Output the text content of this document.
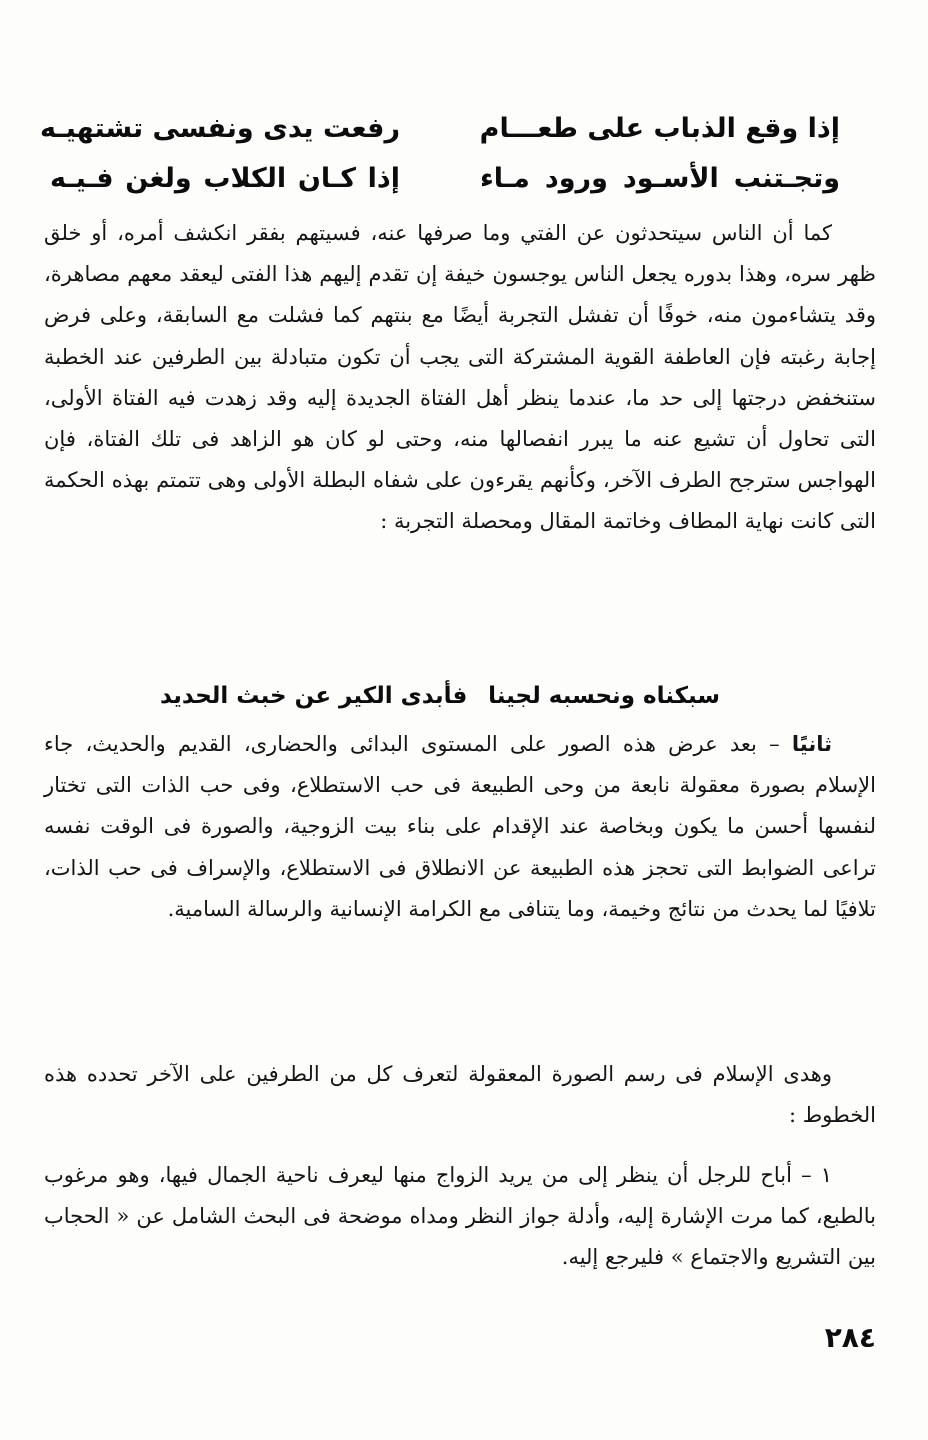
إذا وقع الذباب على طعـــام
رفعت يدى ونفسى تشتهيـه
وتجـتنب الأسـود ورود مـاء
إذا كـان الكلاب ولغن فـيـه

كما أن الناس سيتحدثون عن الفتي وما صرفها عنه، فسيتهم بفقر انكشف أمره، أو خلق ظهر سره، وهذا بدوره يجعل الناس يوجسون خيفة إن تقدم إليهم هذا الفتى ليعقد معهم مصاهرة، وقد يتشاءمون منه، خوفًا أن تفشل التجربة أيضًا مع بنتهم كما فشلت مع السابقة، وعلى فرض إجابة رغبته فإن العاطفة القوية المشتركة التى يجب أن تكون متبادلة بين الطرفين عند الخطبة ستنخفض درجتها إلى حد ما، عندما ينظر أهل الفتاة الجديدة إليه وقد زهدت فيه الفتاة الأولى، التى تحاول أن تشيع عنه ما يبرر انفصالها منه، وحتى لو كان هو الزاهد فى تلك الفتاة، فإن الهواجس سترجح الطرف الآخر، وكأنهم يقرءون على شفاه البطلة الأولى وهى تتمتم بهذه الحكمة التى كانت نهاية المطاف وخاتمة المقال ومحصلة التجربة :

سبكناه ونحسبه لجينا
فأبدى الكير عن خبث الحديد

ثانيًا – بعد عرض هذه الصور على المستوى البدائى والحضارى، القديم والحديث، جاء الإسلام بصورة معقولة نابعة من وحى الطبيعة فى حب الاستطلاع، وفى حب الذات التى تختار لنفسها أحسن ما يكون وبخاصة عند الإقدام على بناء بيت الزوجية، والصورة فى الوقت نفسه تراعى الضوابط التى تحجز هذه الطبيعة عن الانطلاق فى الاستطلاع، والإسراف فى حب الذات، تلافيًا لما يحدث من نتائج وخيمة، وما يتنافى مع الكرامة الإنسانية والرسالة السامية.

وهدى الإسلام فى رسم الصورة المعقولة لتعرف كل من الطرفين على الآخر تحدده هذه الخطوط :

١ – أباح للرجل أن ينظر إلى من يريد الزواج منها ليعرف ناحية الجمال فيها، وهو مرغوب بالطبع، كما مرت الإشارة إليه، وأدلة جواز النظر ومداه موضحة فى البحث الشامل عن « الحجاب بين التشريع والاجتماع » فليرجع إليه.

٢٨٤
